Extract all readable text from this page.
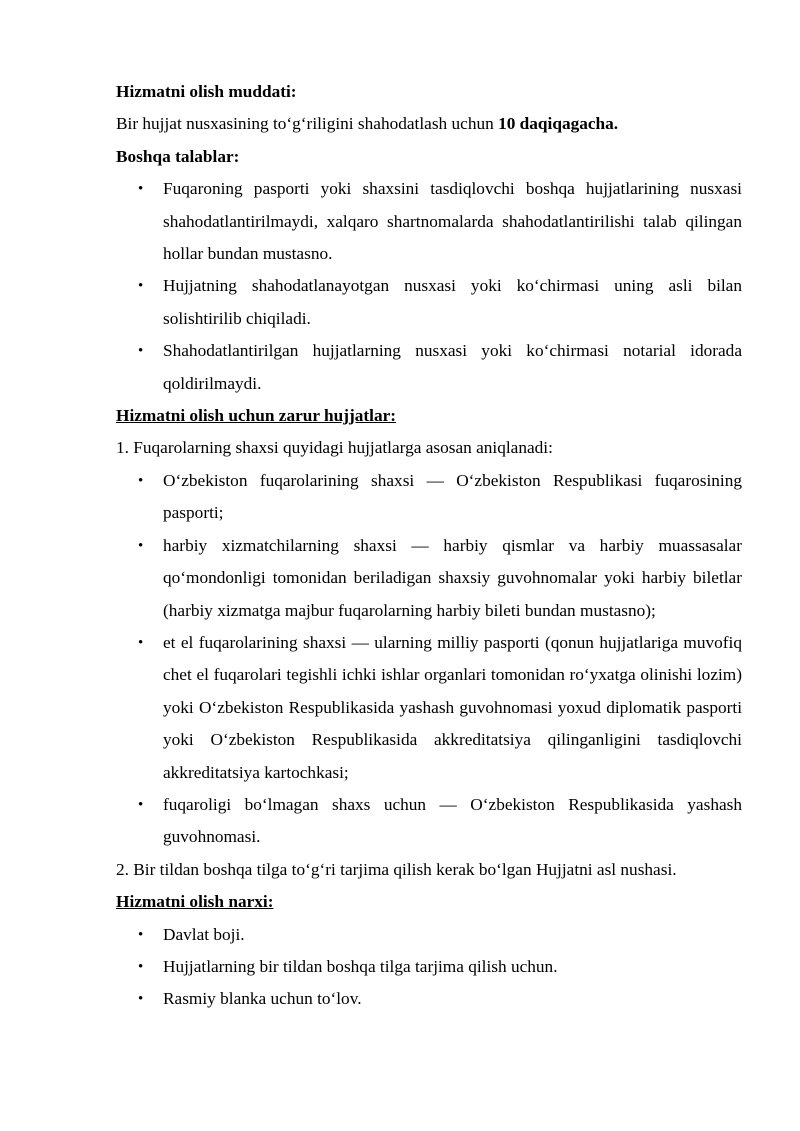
Hizmatni olish muddati:

Bir hujjat nusxasining to‘g‘riligini shahodatlash uchun 10 daqiqagacha.

Boshqa talablar:

• Fuqaroning pasporti yoki shaxsini tasdiqlovchi boshqa hujjatlarining nusxasi shahodatlantirilmaydi, xalqaro shartnomalarda shahodatlantirilishi talab qilingan hollar bundan mustasno.
• Hujjatning shahodatlanayotgan nusxasi yoki ko‘chirmasi uning asli bilan solishtirilib chiqiladi.
• Shahodatlantirilgan hujjatlarning nusxasi yoki ko‘chirmasi notarial idorada qoldirilmaydi.

Hizmatni olish uchun zarur hujjatlar:

1. Fuqarolarning shaxsi quyidagi hujjatlarga asosan aniqlanadi:

• O‘zbekiston fuqarolarining shaxsi — O‘zbekiston Respublikasi fuqarosining pasporti;
• harbiy xizmatchilarning shaxsi — harbiy qismlar va harbiy muassasalar qo‘mondonligi tomonidan beriladigan shaxsiy guvohnomalar yoki harbiy biletlar (harbiy xizmatga majbur fuqarolarning harbiy bileti bundan mustasno);
• et el fuqarolarining shaxsi — ularning milliy pasporti (qonun hujjatlariga muvofiq chet el fuqarolari tegishli ichki ishlar organlari tomonidan ro‘yxatga olinishi lozim) yoki O‘zbekiston Respublikasida yashash guvohnomasi yoxud diplomatik pasporti yoki O‘zbekiston Respublikasida akkreditatsiya qilinganligini tasdiqlovchi akkreditatsiya kartochkasi;
• fuqaroligi bo‘lmagan shaxs uchun — O‘zbekiston Respublikasida yashash guvohnomasi.

2. Bir tildan boshqa tilga to‘g‘ri tarjima qilish kerak bo‘lgan Hujjatni asl nushasi.

Hizmatni olish narxi:

• Davlat boji.
• Hujjatlarning bir tildan boshqa tilga tarjima qilish uchun.
• Rasmiy blanka uchun to‘lov.
